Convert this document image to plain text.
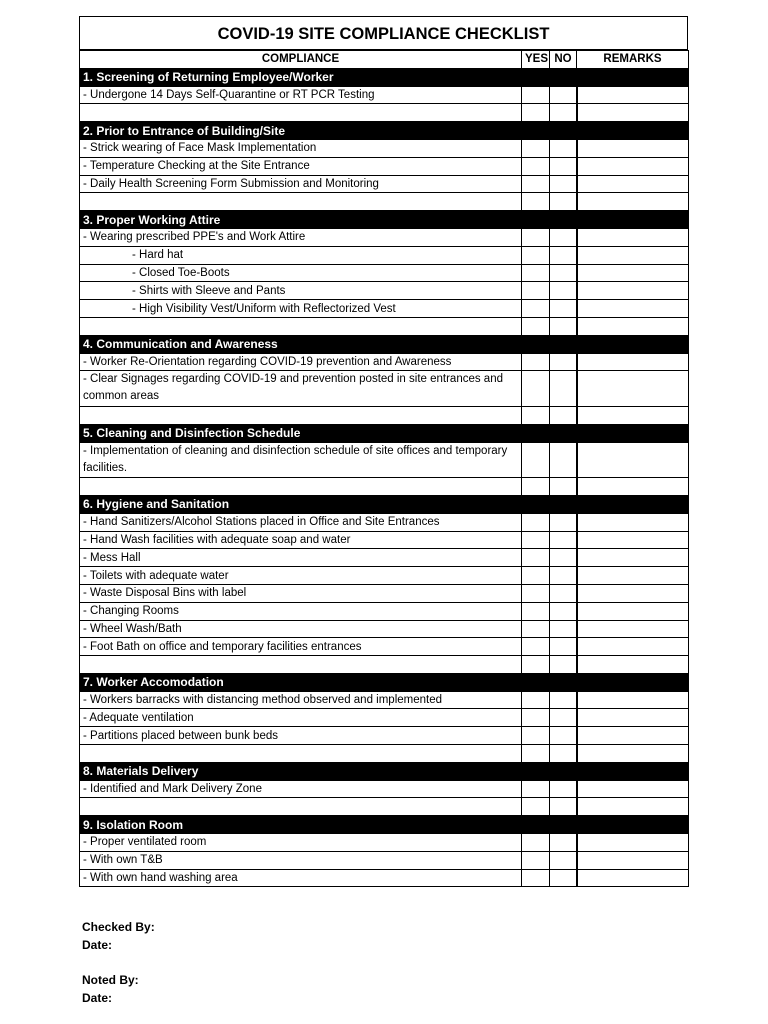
COVID-19 SITE COMPLIANCE CHECKLIST
COMPLIANCE	YES	NO	REMARKS
1. Screening of Returning Employee/Worker			
- Undergone 14 Days Self-Quarantine or RT PCR Testing			

2. Prior to Entrance of Building/Site			
- Strick wearing of Face Mask Implementation			
- Temperature Checking at the Site Entrance			
- Daily Health Screening Form Submission and Monitoring			

3. Proper Working Attire			
- Wearing prescribed PPE's and Work Attire			
- Hard hat			
- Closed Toe-Boots			
- Shirts with Sleeve and Pants			
- High Visibility Vest/Uniform with Reflectorized Vest			

4. Communication and Awareness			
- Worker Re-Orientation regarding COVID-19 prevention and Awareness			
- Clear Signages regarding COVID-19 and prevention posted in site entrances and common areas			

5. Cleaning and Disinfection Schedule			
- Implementation of cleaning and disinfection schedule of site offices and temporary facilities.			

6. Hygiene and Sanitation			
- Hand Sanitizers/Alcohol Stations placed in Office and Site Entrances			
- Hand Wash facilities with adequate soap and water			
- Mess Hall			
- Toilets with adequate water			
- Waste Disposal Bins with label			
- Changing Rooms			
- Wheel Wash/Bath			
- Foot Bath on office and temporary facilities entrances			

7. Worker Accomodation			
- Workers barracks with distancing method observed and implemented			
- Adequate ventilation			
- Partitions placed between bunk beds			

8. Materials Delivery			
- Identified and Mark Delivery Zone			

9. Isolation Room			
- Proper ventilated room			
- With own T&B			
- With own hand washing area			
Checked By:
Date:
Noted By:
Date:
